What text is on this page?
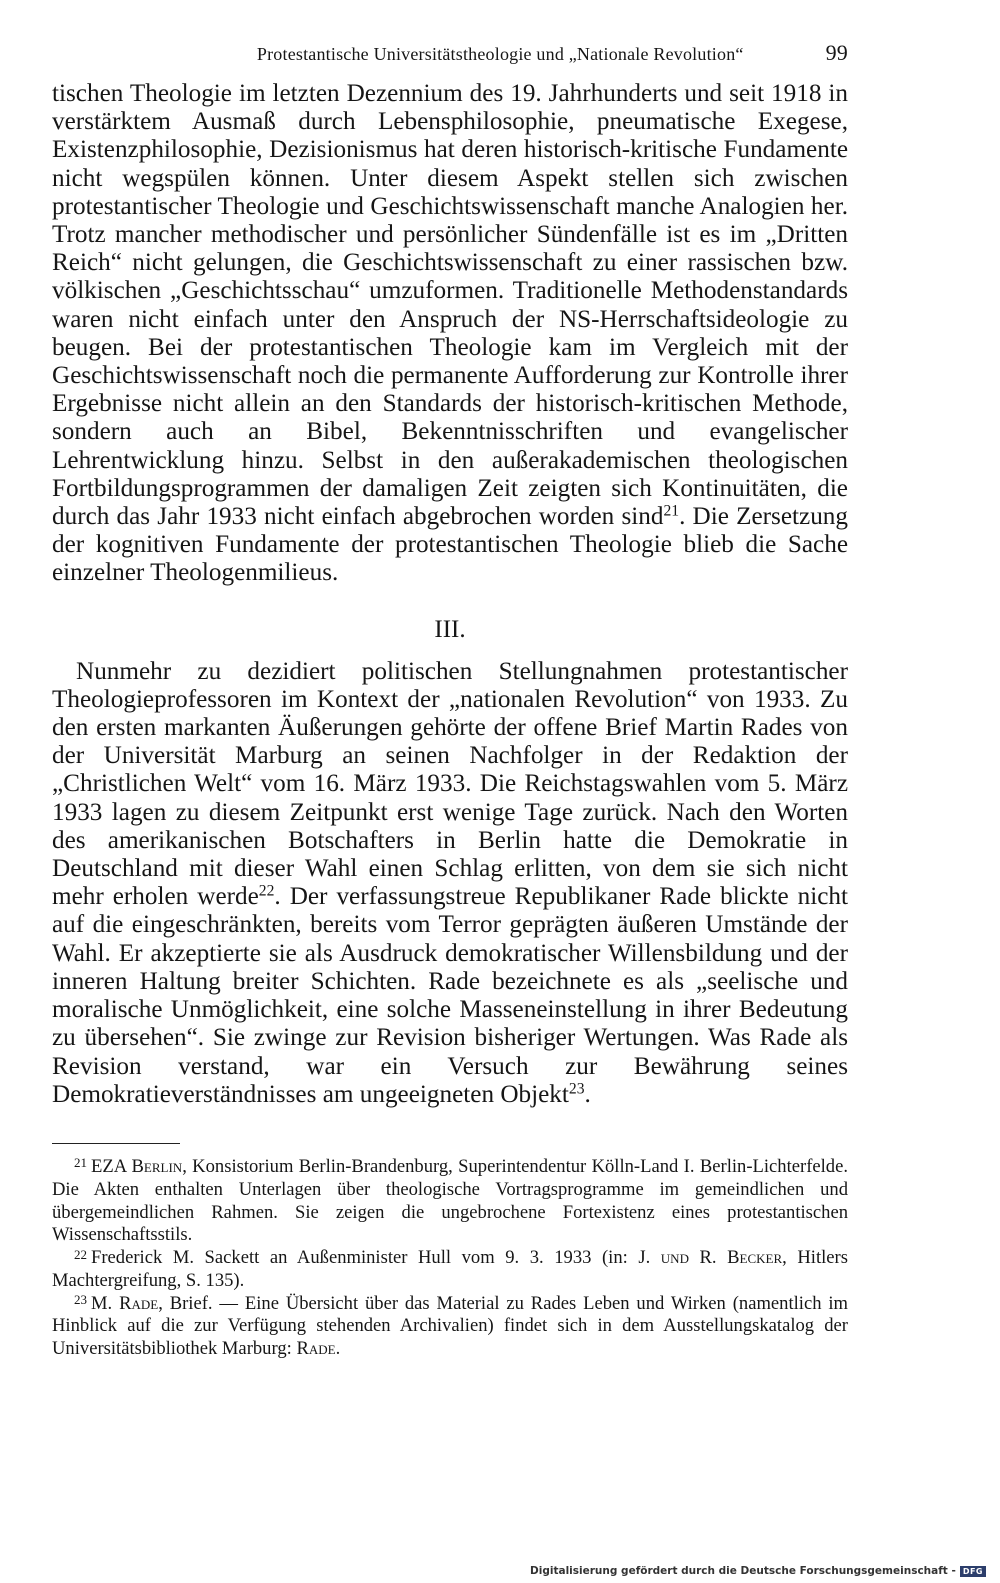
Protestantische Universitätstheologie und „Nationale Revolution“	99

tischen Theologie im letzten Dezennium des 19. Jahrhunderts und seit 1918 in verstärktem Ausmaß durch Lebensphilosophie, pneumatische Exegese, Existenzphilosophie, Dezisionismus hat deren historisch-kritische Fundamente nicht wegspülen können. Unter diesem Aspekt stellen sich zwischen protestantischer Theologie und Geschichtswissenschaft manche Analogien her. Trotz mancher methodischer und persönlicher Sündenfälle ist es im „Dritten Reich“ nicht gelungen, die Geschichtswissenschaft zu einer rassischen bzw. völkischen „Geschichtsschau“ umzuformen. Traditionelle Methodenstandards waren nicht einfach unter den Anspruch der NS-Herrschaftsideologie zu beugen. Bei der protestantischen Theologie kam im Vergleich mit der Geschichtswissenschaft noch die permanente Aufforderung zur Kontrolle ihrer Ergebnisse nicht allein an den Standards der historisch-kritischen Methode, sondern auch an Bibel, Bekenntnisschriften und evangelischer Lehrentwicklung hinzu. Selbst in den außerakademischen theologischen Fortbildungsprogrammen der damaligen Zeit zeigten sich Kontinuitäten, die durch das Jahr 1933 nicht einfach abgebrochen worden sind$^{21}$. Die Zersetzung der kognitiven Fundamente der protestantischen Theologie blieb die Sache einzelner Theologenmilieus.

III.

Nunmehr zu dezidiert politischen Stellungnahmen protestantischer Theologieprofessoren im Kontext der „nationalen Revolution“ von 1933. Zu den ersten markanten Äußerungen gehörte der offene Brief Martin Rades von der Universität Marburg an seinen Nachfolger in der Redaktion der „Christlichen Welt“ vom 16. März 1933. Die Reichstagswahlen vom 5. März 1933 lagen zu diesem Zeitpunkt erst wenige Tage zurück. Nach den Worten des amerikanischen Botschafters in Berlin hatte die Demokratie in Deutschland mit dieser Wahl einen Schlag erlitten, von dem sie sich nicht mehr erholen werde$^{22}$. Der verfassungstreue Republikaner Rade blickte nicht auf die eingeschränkten, bereits vom Terror geprägten äußeren Umstände der Wahl. Er akzeptierte sie als Ausdruck demokratischer Willensbildung und der inneren Haltung breiter Schichten. Rade bezeichnete es als „seelische und moralische Unmöglichkeit, eine solche Masseneinstellung in ihrer Bedeutung zu übersehen“. Sie zwinge zur Revision bisheriger Wertungen. Was Rade als Revision verstand, war ein Versuch zur Bewährung seines Demokratieverständnisses am ungeeigneten Objekt$^{23}$.

$^{21}$ EZA Berlin, Konsistorium Berlin-Brandenburg, Superintendentur Kölln-Land I. Berlin-Lichterfelde. Die Akten enthalten Unterlagen über theologische Vortragsprogramme im gemeindlichen und übergemeindlichen Rahmen. Sie zeigen die ungebrochene Fortexistenz eines protestantischen Wissenschaftsstils.

$^{22}$ Frederick M. Sackett an Außenminister Hull vom 9. 3. 1933 (in: J. und R. Becker, Hitlers Machtergreifung, S. 135).

$^{23}$ M. Rade, Brief. — Eine Übersicht über das Material zu Rades Leben und Wirken (namentlich im Hinblick auf die zur Verfügung stehenden Archivalien) findet sich in dem Ausstellungskatalog der Universitätsbibliothek Marburg: Rade.

Digitalisierung gefördert durch die Deutsche Forschungsgemeinschaft - DFG
